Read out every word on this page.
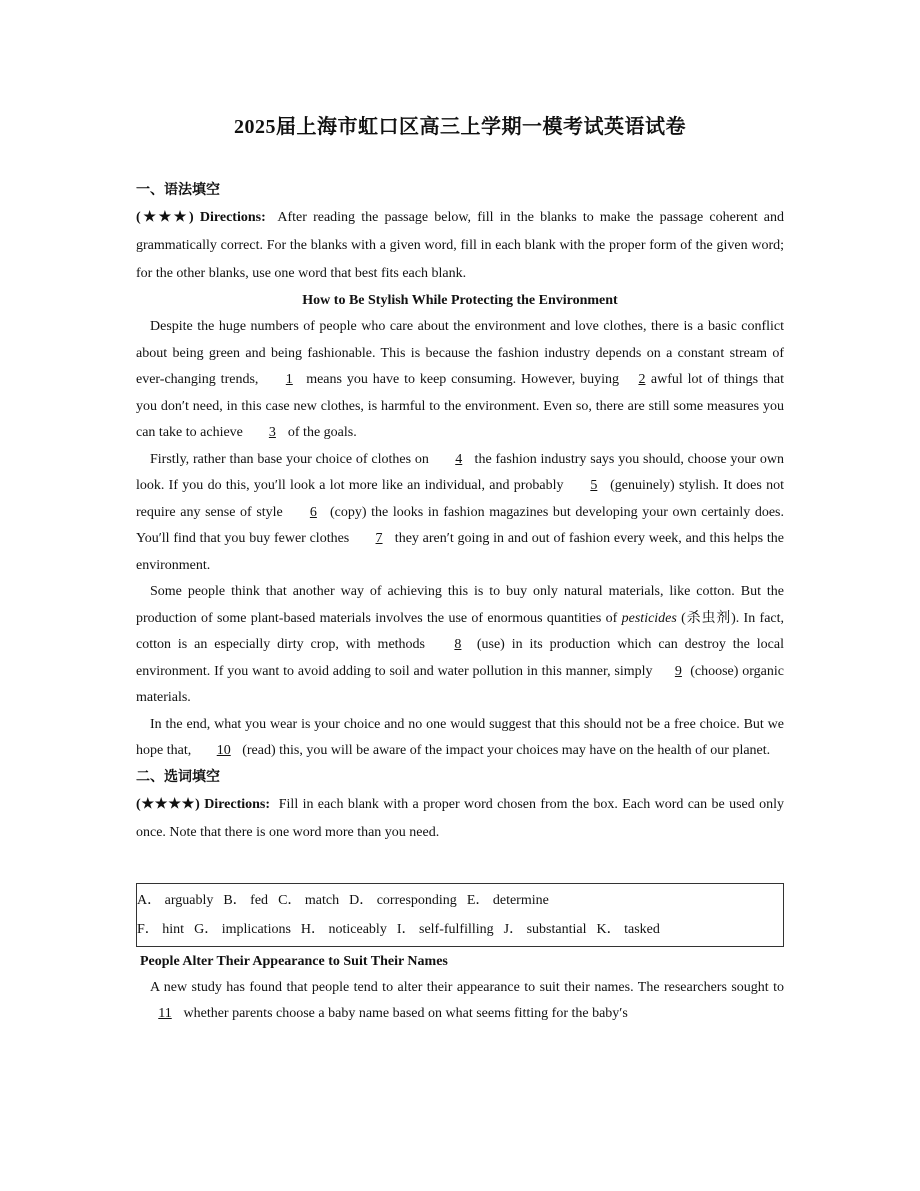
2025届上海市虹口区高三上学期一模考试英语试卷
一、语法填空
(★★★) Directions: After reading the passage below, fill in the blanks to make the passage coherent and grammatically correct. For the blanks with a given word, fill in each blank with the proper form of the given word; for the other blanks, use one word that best fits each blank.
How to Be Stylish While Protecting the Environment
Despite the huge numbers of people who care about the environment and love clothes, there is a basic conflict about being green and being fashionable. This is because the fashion industry depends on a constant stream of ever-changing trends, 1 means you have to keep consuming. However, buying 2 awful lot of things that you don′t need, in this case new clothes, is harmful to the environment. Even so, there are still some measures you can take to achieve 3 of the goals.
Firstly, rather than base your choice of clothes on 4 the fashion industry says you should, choose your own look. If you do this, you′ll look a lot more like an individual, and probably 5 (genuinely) stylish. It does not require any sense of style 6 (copy) the looks in fashion magazines but developing your own certainly does. You′ll find that you buy fewer clothes 7 they aren′t going in and out of fashion every week, and this helps the environment.
Some people think that another way of achieving this is to buy only natural materials, like cotton. But the production of some plant-based materials involves the use of enormous quantities of pesticides (杀虫剂). In fact, cotton is an especially dirty crop, with methods 8 (use) in its production which can destroy the local environment. If you want to avoid adding to soil and water pollution in this manner, simply 9 (choose) organic materials.
In the end, what you wear is your choice and no one would suggest that this should not be a free choice. But we hope that, 10 (read) this, you will be aware of the impact your choices may have on the health of our planet.
二、选词填空
(★★★★) Directions: Fill in each blank with a proper word chosen from the box. Each word can be used only once. Note that there is one word more than you need.
A． arguably B． fed C． match D． corresponding E． determine
F． hint G． implications H． noticeably I． self-fulfilling J． substantial K． tasked
People Alter Their Appearance to Suit Their Names
A new study has found that people tend to alter their appearance to suit their names. The researchers sought to 11 whether parents choose a baby name based on what seems fitting for the baby′s
